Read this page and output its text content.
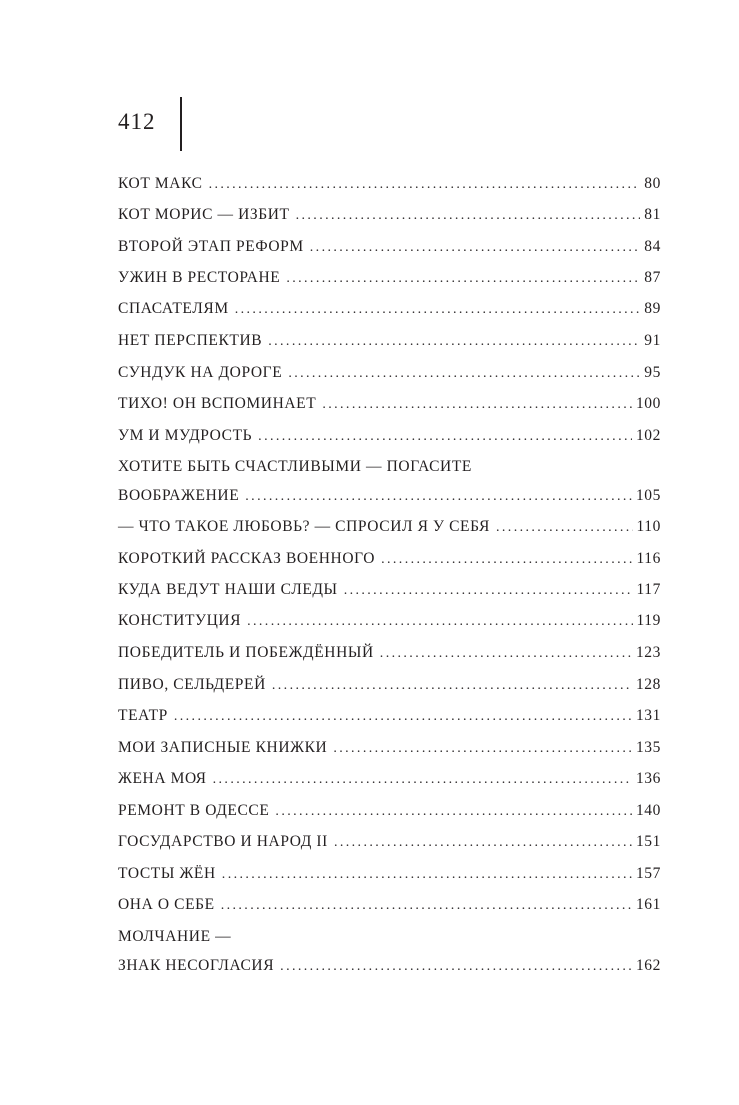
412
КОТ МАКС .....	80
КОТ МОРИС — ИЗБИТ .....	81
ВТОРОЙ ЭТАП РЕФОРМ .....	84
УЖИН В РЕСТОРАНЕ .....	87
СПАСАТЕЛЯМ .....	89
НЕТ ПЕРСПЕКТИВ .....	91
СУНДУК НА ДОРОГЕ .....	95
ТИХО! ОН ВСПОМИНАЕТ .....	100
УМ И МУДРОСТЬ .....	102
ХОТИТЕ БЫТЬ СЧАСТЛИВЫМИ — ПОГАСИТЕ
ВООБРАЖЕНИЕ .....	105
— ЧТО ТАКОЕ ЛЮБОВЬ? — СПРОСИЛ Я У СЕБЯ .....	110
КОРОТКИЙ РАССКАЗ ВОЕННОГО .....	116
КУДА ВЕДУТ НАШИ СЛЕДЫ .....	117
КОНСТИТУЦИЯ .....	119
ПОБЕДИТЕЛЬ И ПОБЕЖДЁННЫЙ .....	123
ПИВО, СЕЛЬДЕРЕЙ .....	128
ТЕАТР .....	131
МОИ ЗАПИСНЫЕ КНИЖКИ .....	135
ЖЕНА МОЯ .....	136
РЕМОНТ В ОДЕССЕ .....	140
ГОСУДАРСТВО И НАРОД II .....	151
ТОСТЫ ЖЁН .....	157
ОНА О СЕБЕ .....	161
МОЛЧАНИЕ —
ЗНАК НЕСОГЛАСИЯ .....	162
